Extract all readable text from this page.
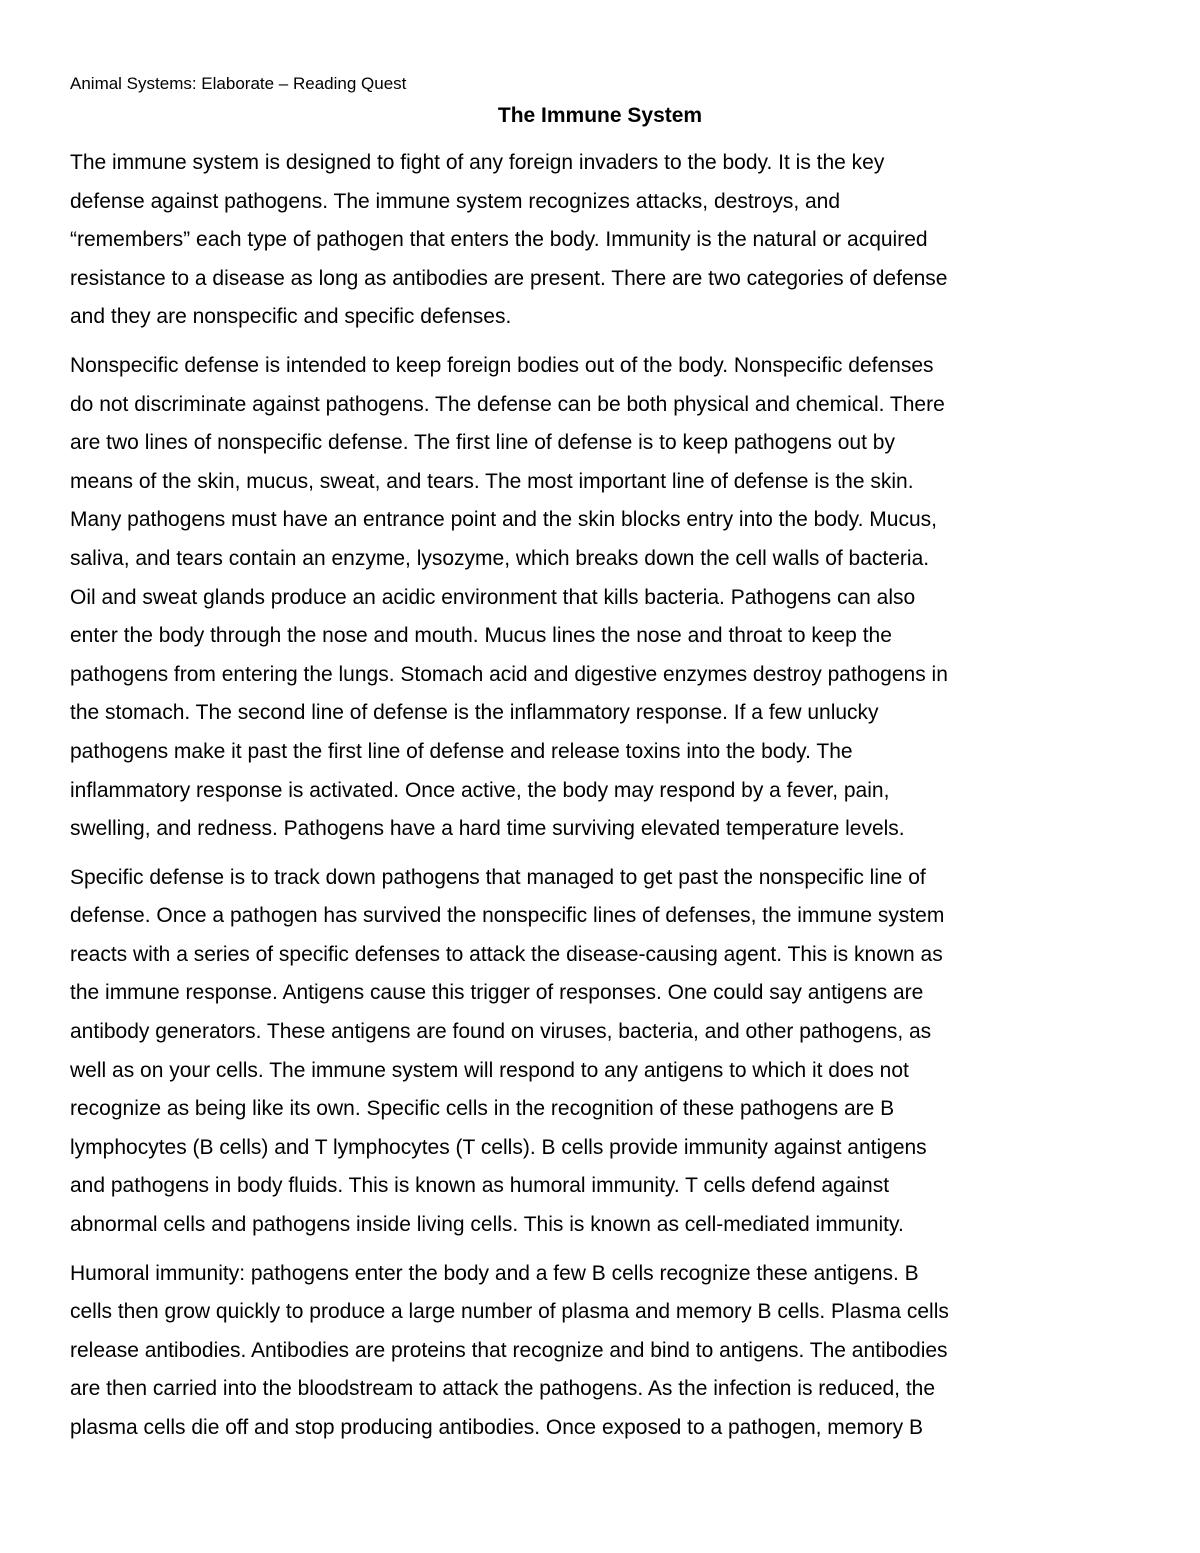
Animal Systems: Elaborate – Reading Quest

The Immune System

The immune system is designed to fight of any foreign invaders to the body. It is the key
defense against pathogens. The immune system recognizes attacks, destroys, and
“remembers” each type of pathogen that enters the body. Immunity is the natural or acquired
resistance to a disease as long as antibodies are present. There are two categories of defense
and they are nonspecific and specific defenses.

Nonspecific defense is intended to keep foreign bodies out of the body. Nonspecific defenses
do not discriminate against pathogens. The defense can be both physical and chemical. There
are two lines of nonspecific defense. The first line of defense is to keep pathogens out by
means of the skin, mucus, sweat, and tears. The most important line of defense is the skin.
Many pathogens must have an entrance point and the skin blocks entry into the body. Mucus,
saliva, and tears contain an enzyme, lysozyme, which breaks down the cell walls of bacteria.
Oil and sweat glands produce an acidic environment that kills bacteria. Pathogens can also
enter the body through the nose and mouth. Mucus lines the nose and throat to keep the
pathogens from entering the lungs. Stomach acid and digestive enzymes destroy pathogens in
the stomach. The second line of defense is the inflammatory response. If a few unlucky
pathogens make it past the first line of defense and release toxins into the body. The
inflammatory response is activated. Once active, the body may respond by a fever, pain,
swelling, and redness. Pathogens have a hard time surviving elevated temperature levels.

Specific defense is to track down pathogens that managed to get past the nonspecific line of
defense. Once a pathogen has survived the nonspecific lines of defenses, the immune system
reacts with a series of specific defenses to attack the disease-causing agent. This is known as
the immune response. Antigens cause this trigger of responses. One could say antigens are
antibody generators. These antigens are found on viruses, bacteria, and other pathogens, as
well as on your cells. The immune system will respond to any antigens to which it does not
recognize as being like its own. Specific cells in the recognition of these pathogens are B
lymphocytes (B cells) and T lymphocytes (T cells). B cells provide immunity against antigens
and pathogens in body fluids. This is known as humoral immunity. T cells defend against
abnormal cells and pathogens inside living cells. This is known as cell-mediated immunity.

Humoral immunity: pathogens enter the body and a few B cells recognize these antigens. B
cells then grow quickly to produce a large number of plasma and memory B cells. Plasma cells
release antibodies. Antibodies are proteins that recognize and bind to antigens. The antibodies
are then carried into the bloodstream to attack the pathogens. As the infection is reduced, the
plasma cells die off and stop producing antibodies. Once exposed to a pathogen, memory B
